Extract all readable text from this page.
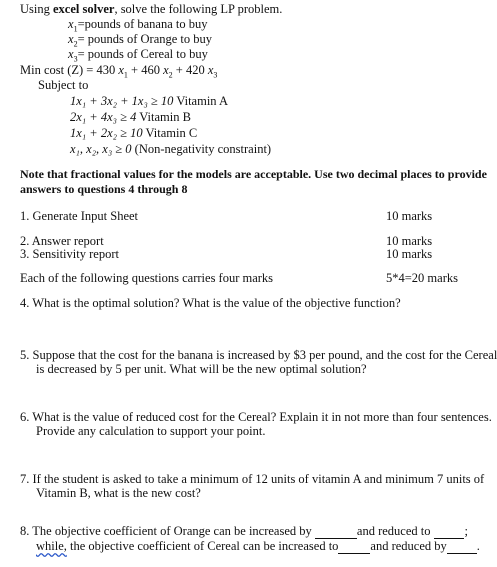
Using excel solver, solve the following LP problem.
$x_1=pounds$ of banana to buy
$x_2=$ pounds of Orange to buy
$x_3=$ pounds of Cereal to buy
Min cost (Z) = 430 $x_1 + 460$ $x_2 + 420$ $x_3$
Subject to
1x₁ + 3x₂ + 1x₃ ≥ 10 Vitamin A
2x₁ + 4x₃ ≥ 4 Vitamin B
1x₁ + 2x₂ ≥ 10 Vitamin C
x₁, x₂, x₃ ≥ 0 (Non-negativity constraint)
Note that fractional values for the models are acceptable. Use two decimal places to provide
answers to questions 4 through 8
1. Generate Input Sheet	10 marks
2. Answer report	10 marks
3. Sensitivity report	10 marks
Each of the following questions carries four marks	5*4=20 marks
4. What is the optimal solution? What is the value of the objective function?
5. Suppose that the cost for the banana is increased by $3 per pound, and the cost for the Cereal
is decreased by 5 per unit. What will be the new optimal solution?
6. What is the value of reduced cost for the Cereal? Explain it in not more than four sentences.
Provide any calculation to support your point.
7. If the student is asked to take a minimum of 12 units of vitamin A and minimum 7 units of
Vitamin B, what is the new cost?
8. The objective coefficient of Orange can be increased by	and reduced to	;
while, the objective coefficient of Cereal can be increased to	and reduced by .
